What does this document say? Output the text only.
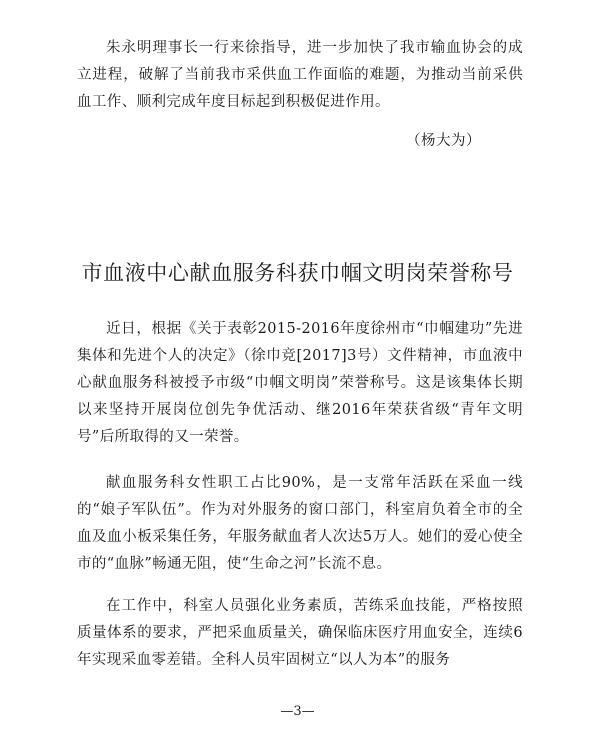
朱永明理事长一行来徐指导，进一步加快了我市输血协会的成立进程，破解了当前我市采供血工作面临的难题，为推动当前采供血工作、顺利完成年度目标起到积极促进作用。

（杨大为）

市血液中心献血服务科获巾帼文明岗荣誉称号

近日，根据《关于表彰2015-2016年度徐州市“巾帼建功”先进集体和先进个人的决定》（徐巾竞[2017]3号）文件精神，市血液中心献血服务科被授予市级“巾帼文明岗”荣誉称号。这是该集体长期以来坚持开展岗位创先争优活动、继2016年荣获省级“青年文明号”后所取得的又一荣誉。

献血服务科女性职工占比90%，是一支常年活跃在采血一线的“娘子军队伍”。作为对外服务的窗口部门，科室肩负着全市的全血及血小板采集任务，年服务献血者人次达5万人。她们的爱心使全市的“血脉”畅通无阻，使“生命之河”长流不息。

在工作中，科室人员强化业务素质，苦练采血技能，严格按照质量体系的要求，严把采血质量关，确保临床医疗用血安全，连续6年实现采血零差错。全科人员牢固树立“以人为本”的服务

—3—
